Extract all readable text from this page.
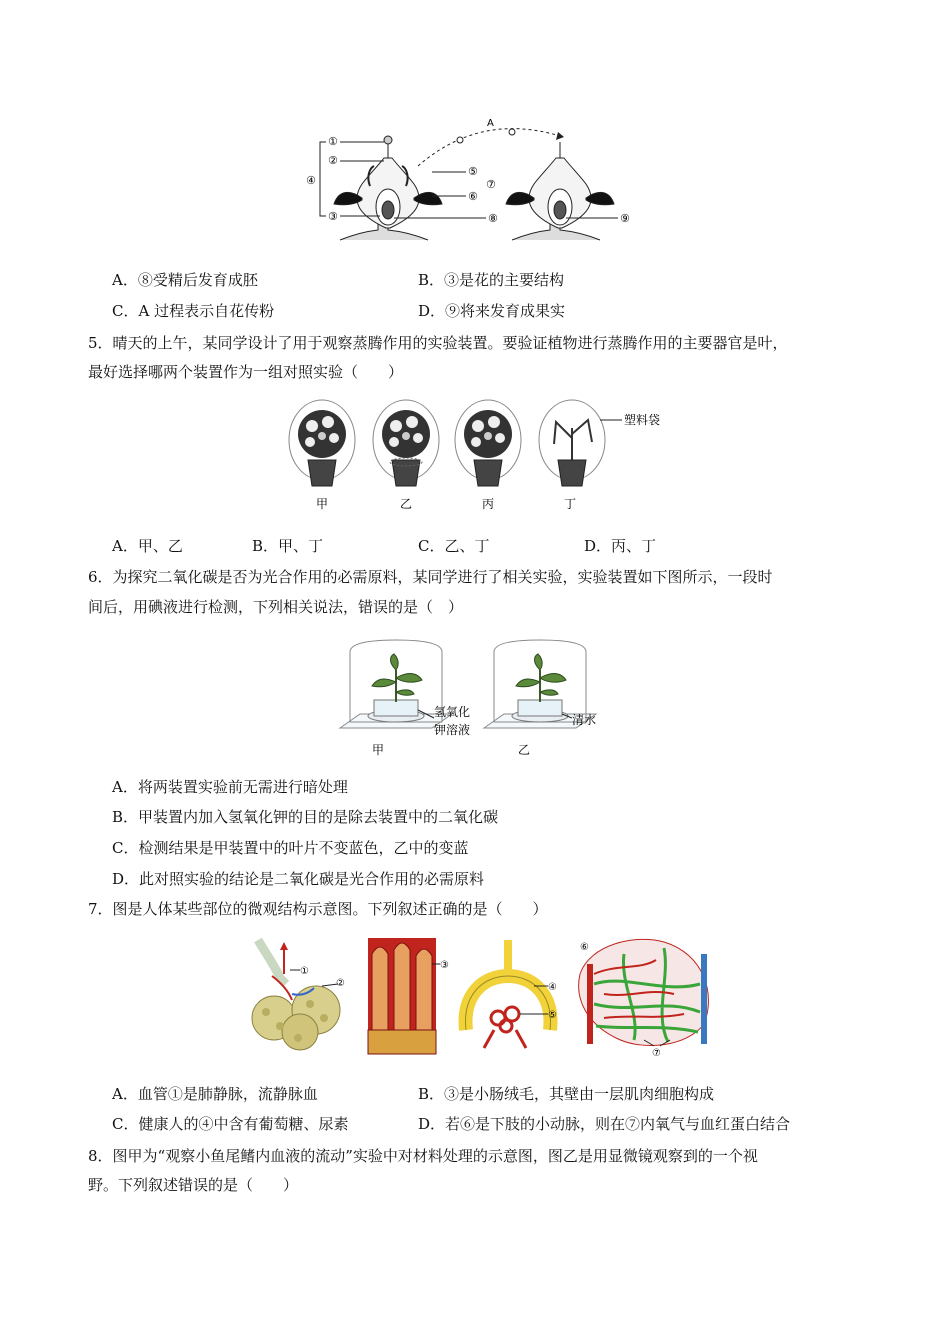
A
①
②
④
③
⑤
⑥
⑦
⑧	⑨
A．⑧受精后发育成胚	B．③是花的主要结构
C．A 过程表示自花传粉	D．⑨将来发育成果实
5．晴天的上午，某同学设计了用于观察蒸腾作用的实验装置。要验证植物进行蒸腾作用的主要器官是叶，
最好选择哪两个装置作为一组对照实验（　　）
塑料袋
甲	乙	丙	丁
A．甲、乙	B．甲、丁	C．乙、丁	D．丙、丁
6．为探究二氧化碳是否为光合作用的必需原料，某同学进行了相关实验，实验装置如下图所示，一段时
间后，用碘液进行检测，下列相关说法，错误的是（　）
氢氧化
钾溶液
甲
清水
乙
A．将两装置实验前无需进行暗处理
B．甲装置内加入氢氧化钾的目的是除去装置中的二氧化碳
C．检测结果是甲装置中的叶片不变蓝色，乙中的变蓝
D．此对照实验的结论是二氧化碳是光合作用的必需原料
7．图是人体某些部位的微观结构示意图。下列叙述正确的是（　　）
①
②
③
④
⑤
⑥
⑦
A．血管①是肺静脉，流静脉血	B．③是小肠绒毛，其壁由一层肌肉细胞构成
C．健康人的④中含有葡萄糖、尿素	D．若⑥是下肢的小动脉，则在⑦内氧气与血红蛋白结合
8．图甲为“观察小鱼尾鳍内血液的流动”实验中对材料处理的示意图，图乙是用显微镜观察到的一个视
野。下列叙述错误的是（　　）
